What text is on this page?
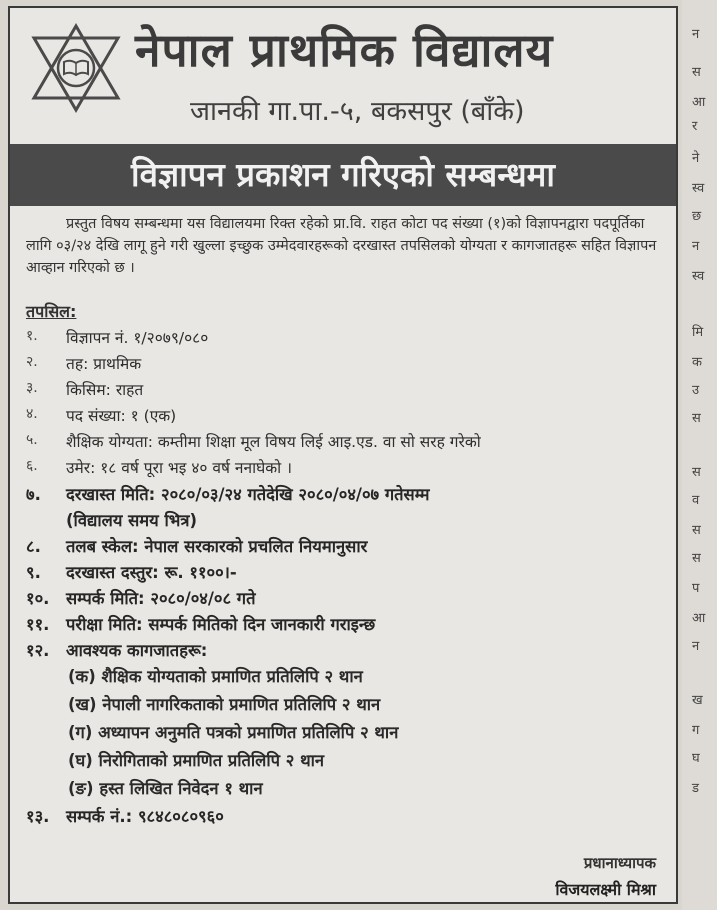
नेपाल प्राथमिक विद्यालय
जानकी गा.पा.-५, बकसपुर (बाँके)
विज्ञापन प्रकाशन गरिएको सम्बन्धमा

प्रस्तुत विषय सम्बन्धमा यस विद्यालयमा रिक्त रहेको प्रा.वि. राहत कोटा पद संख्या (१)को विज्ञापनद्वारा पदपूर्तिका लागि ०३/२४ देखि लागू हुने गरी खुल्ला इच्छुक उम्मेदवारहरूको दरखास्त तपसिलको योग्यता र कागजातहरू सहित विज्ञापन आव्हान गरिएको छ ।

तपसिल:
१.	विज्ञापन नं. १/२०७९/०८०
२.	तह: प्राथमिक
३.	किसिम: राहत
४.	पद संख्या: १ (एक)
५.	शैक्षिक योग्यता: कम्तीमा शिक्षा मूल विषय लिई आइ.एड. वा सो सरह गरेको
६.	उमेर: १८ वर्ष पूरा भइ ४० वर्ष ननाघेको ।
७.	दरखास्त मिति: २०८०/०३/२४ गतेदेखि २०८०/०४/०७ गतेसम्म
(विद्यालय समय भित्र)
८.	तलब स्केल: नेपाल सरकारको प्रचलित नियमानुसार
९.	दरखास्त दस्तुर: रू. ११००।-
१०.	सम्पर्क मिति: २०८०/०४/०८ गते
११.	परीक्षा मिति: सम्पर्क मितिको दिन जानकारी गराइन्छ
१२.	आवश्यक कागजातहरू:
(क) शैक्षिक योग्यताको प्रमाणित प्रतिलिपि २ थान
(ख) नेपाली नागरिकताको प्रमाणित प्रतिलिपि २ थान
(ग) अध्यापन अनुमति पत्रको प्रमाणित प्रतिलिपि २ थान
(घ) निरोगिताको प्रमाणित प्रतिलिपि २ थान
(ङ) हस्त लिखित निवेदन १ थान
१३.	सम्पर्क नं.: ९८४८०८०९६०
प्रधानाध्यापक
विजयलक्ष्मी मिश्रा
न
स
आ
र
ने
स्व
छ
न
स्व
मि
क
उ
स
स
व
स
स
प
आ
न
ख
ग
घ
ड
